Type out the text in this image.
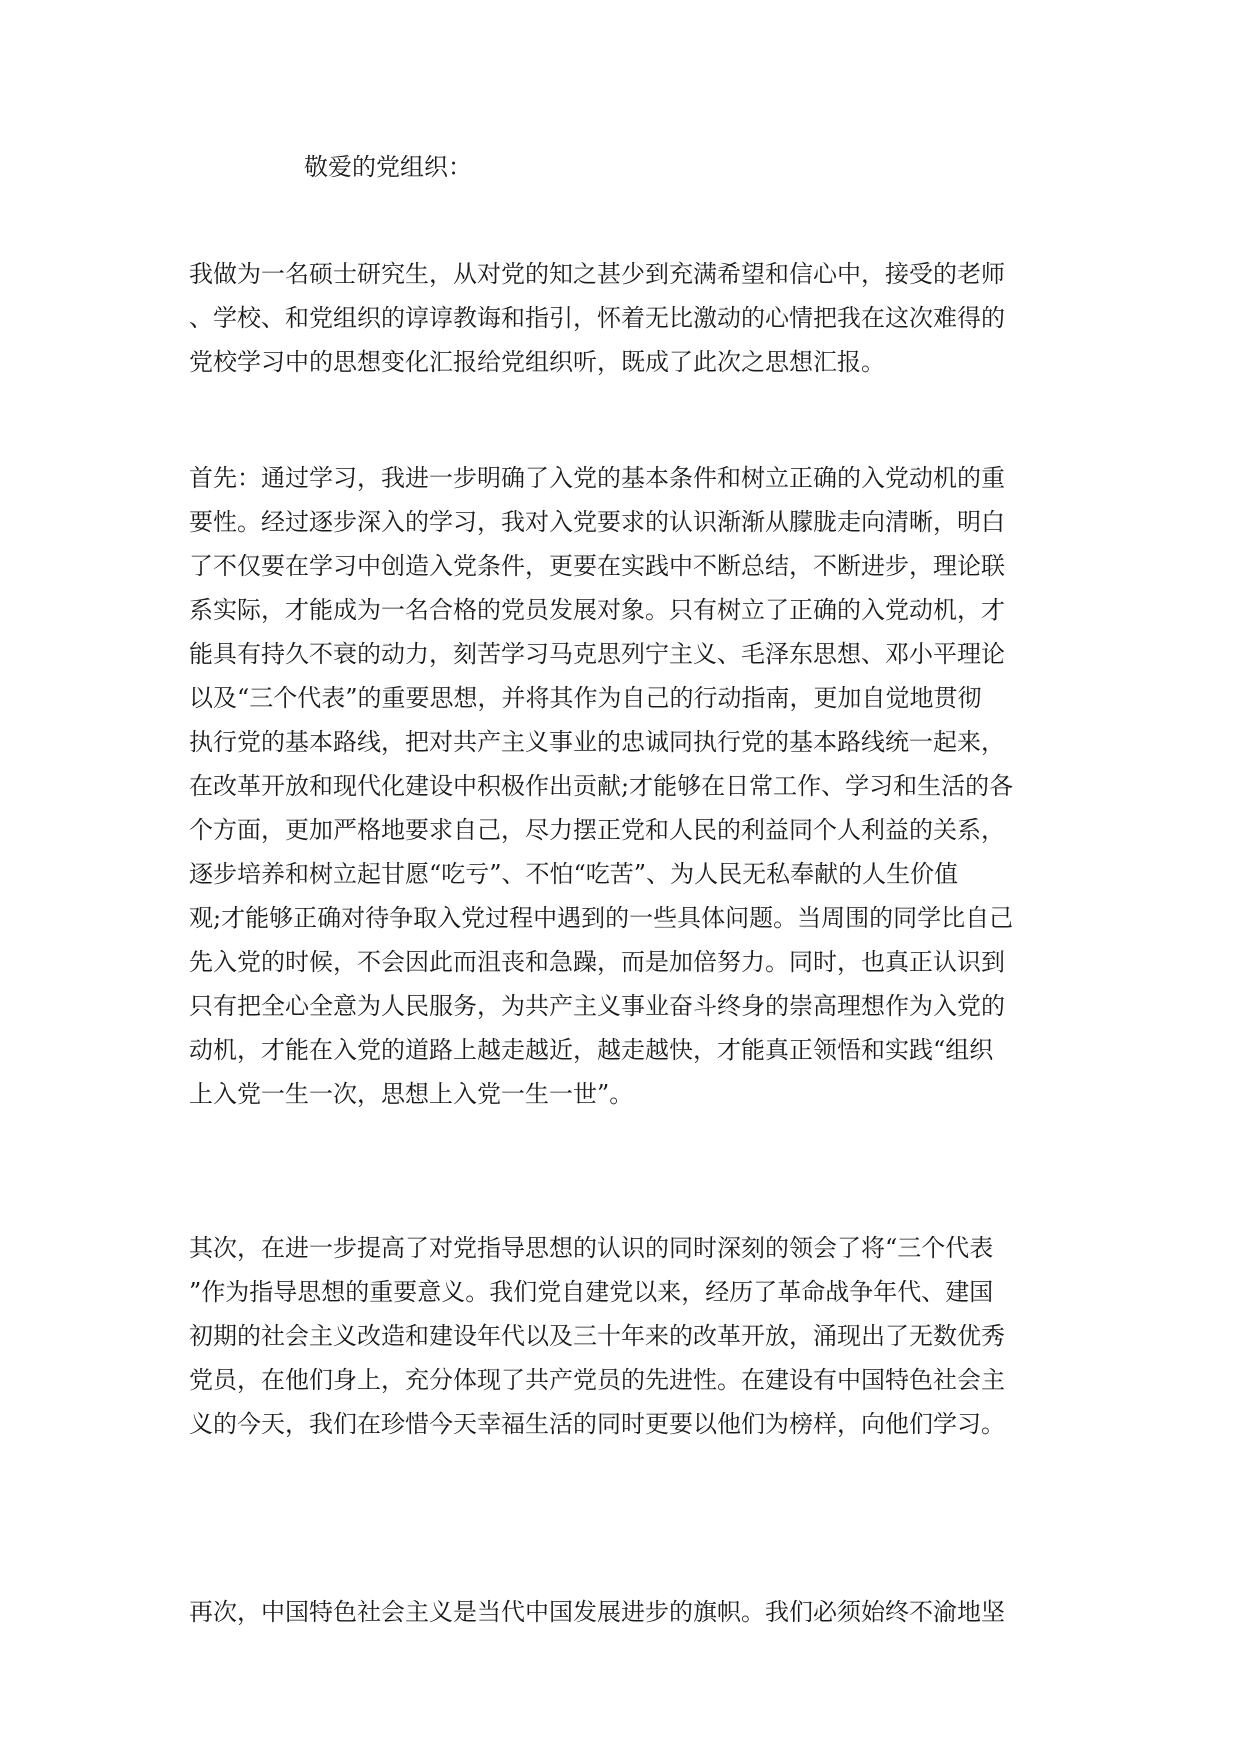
敬爱的党组织：

我做为一名硕士研究生，从对党的知之甚少到充满希望和信心中，接受的老师
、学校、和党组织的谆谆教诲和指引，怀着无比激动的心情把我在这次难得的
党校学习中的思想变化汇报给党组织听，既成了此次之思想汇报。
首先：通过学习，我进一步明确了入党的基本条件和树立正确的入党动机的重
要性。经过逐步深入的学习，我对入党要求的认识渐渐从朦胧走向清晰，明白
了不仅要在学习中创造入党条件，更要在实践中不断总结，不断进步，理论联
系实际，才能成为一名合格的党员发展对象。只有树立了正确的入党动机，才
能具有持久不衰的动力，刻苦学习马克思列宁主义、毛泽东思想、邓小平理论
以及“三个代表”的重要思想，并将其作为自己的行动指南，更加自觉地贯彻
执行党的基本路线，把对共产主义事业的忠诚同执行党的基本路线统一起来，
在改革开放和现代化建设中积极作出贡献;才能够在日常工作、学习和生活的各
个方面，更加严格地要求自己，尽力摆正党和人民的利益同个人利益的关系，
逐步培养和树立起甘愿“吃亏”、不怕“吃苦”、为人民无私奉献的人生价值
观;才能够正确对待争取入党过程中遇到的一些具体问题。当周围的同学比自己
先入党的时候，不会因此而沮丧和急躁，而是加倍努力。同时，也真正认识到
只有把全心全意为人民服务，为共产主义事业奋斗终身的崇高理想作为入党的
动机，才能在入党的道路上越走越近，越走越快，才能真正领悟和实践“组织
上入党一生一次，思想上入党一生一世”。
其次，在进一步提高了对党指导思想的认识的同时深刻的领会了将“三个代表
”作为指导思想的重要意义。我们党自建党以来，经历了革命战争年代、建国
初期的社会主义改造和建设年代以及三十年来的改革开放，涌现出了无数优秀
党员，在他们身上，充分体现了共产党员的先进性。在建设有中国特色社会主
义的今天，我们在珍惜今天幸福生活的同时更要以他们为榜样，向他们学习。
再次，中国特色社会主义是当代中国发展进步的旗帜。我们必须始终不渝地坚
